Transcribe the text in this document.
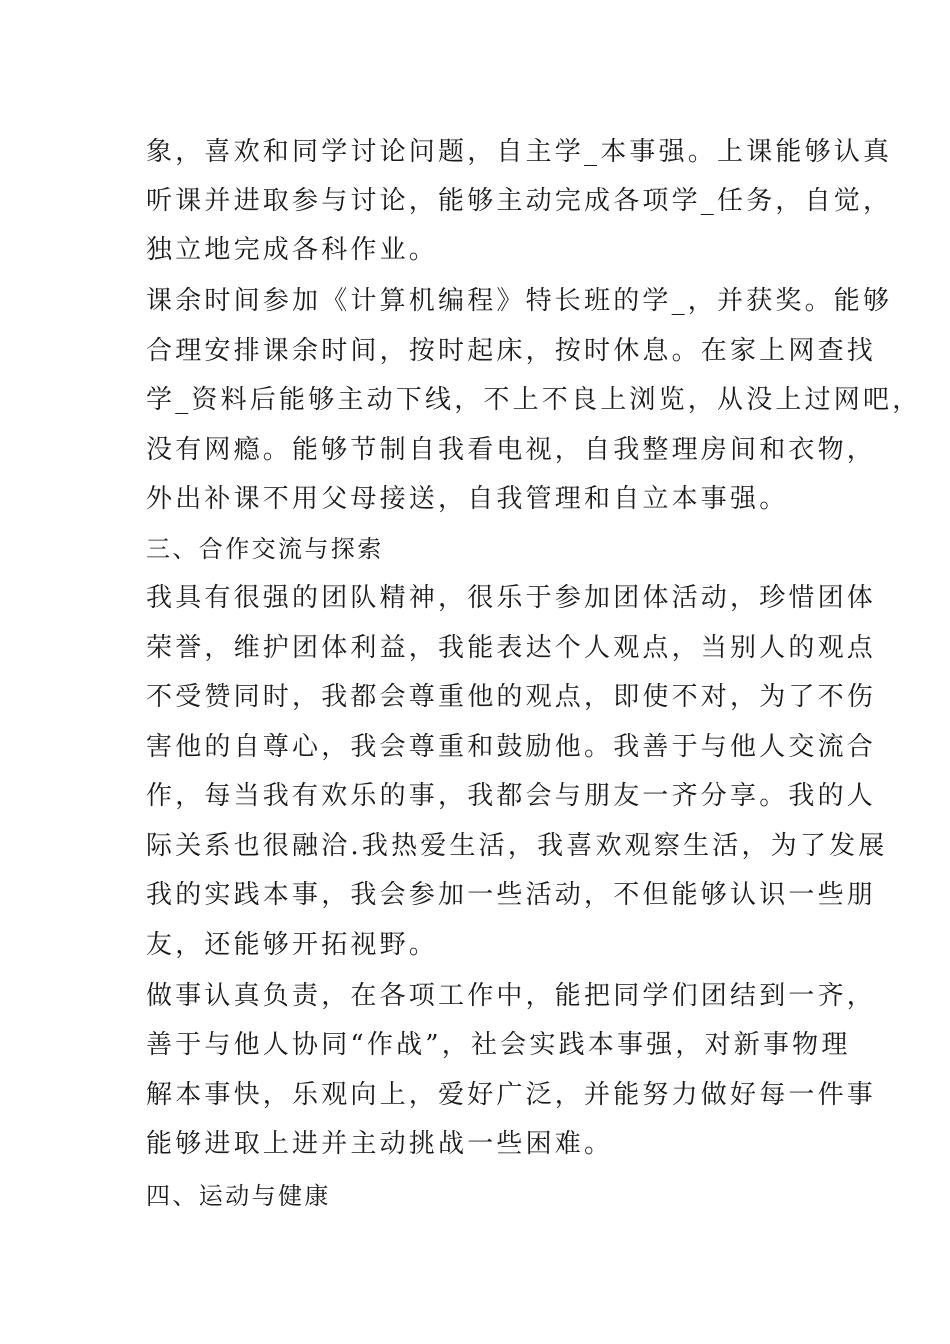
象，喜欢和同学讨论问题，自主学_本事强。上课能够认真

听课并进取参与讨论，能够主动完成各项学_任务，自觉，

独立地完成各科作业。

课余时间参加《计算机编程》特长班的学_，并获奖。能够

合理安排课余时间，按时起床，按时休息。在家上网查找

学_资料后能够主动下线，不上不良上浏览，从没上过网吧，

没有网瘾。能够节制自我看电视，自我整理房间和衣物，

外出补课不用父母接送，自我管理和自立本事强。

三、合作交流与探索

我具有很强的团队精神，很乐于参加团体活动，珍惜团体

荣誉，维护团体利益，我能表达个人观点，当别人的观点

不受赞同时，我都会尊重他的观点，即使不对，为了不伤

害他的自尊心，我会尊重和鼓励他。我善于与他人交流合

作，每当我有欢乐的事，我都会与朋友一齐分享。我的人

际关系也很融洽.我热爱生活，我喜欢观察生活，为了发展

我的实践本事，我会参加一些活动，不但能够认识一些朋

友，还能够开拓视野。

做事认真负责，在各项工作中，能把同学们团结到一齐，

善于与他人协同“作战”，社会实践本事强，对新事物理

解本事快，乐观向上，爱好广泛，并能努力做好每一件事

能够进取上进并主动挑战一些困难。

四、运动与健康
